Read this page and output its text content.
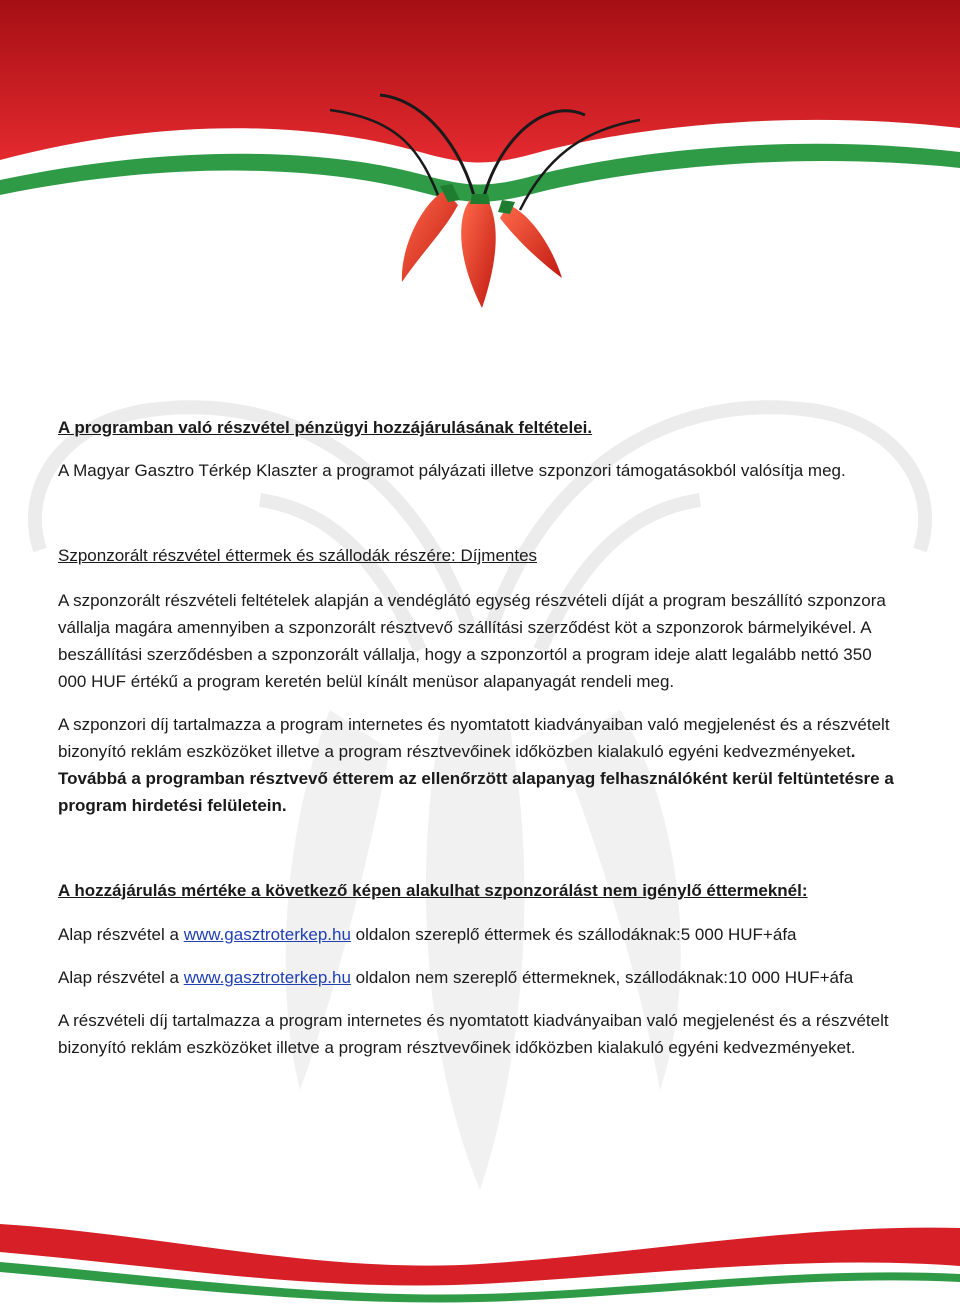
A programban való részvétel pénzügyi hozzájárulásának feltételei.

A Magyar Gasztro Térkép Klaszter a programot pályázati illetve szponzori támogatásokból valósítja meg.

Szponzorált részvétel éttermek és szállodák részére: Díjmentes

A szponzorált részvételi feltételek alapján a vendéglátó egység részvételi díját a program beszállító szponzora vállalja magára amennyiben a szponzorált résztvevő szállítási szerződést köt a szponzorok bármelyikével. A beszállítási szerződésben a szponzorált vállalja, hogy a szponzortól a program ideje alatt legalább nettó 350 000 HUF értékű a program keretén belül kínált menüsor alapanyagát rendeli meg.

A szponzori díj tartalmazza a program internetes és nyomtatott kiadványaiban való megjelenést és a részvételt bizonyító reklám eszközöket illetve a program résztvevőinek időközben kialakuló egyéni kedvezményeket. Továbbá a programban résztvevő étterem az ellenőrzött alapanyag felhasználóként kerül feltüntetésre a program hirdetési felületein.

A hozzájárulás mértéke a következő képen alakulhat szponzorálást nem igénylő éttermeknél:

Alap részvétel a www.gasztroterkep.hu oldalon szereplő éttermek és szállodáknak:5 000 HUF+áfa

Alap részvétel a www.gasztroterkep.hu oldalon nem szereplő éttermeknek, szállodáknak:10 000 HUF+áfa

A részvételi díj tartalmazza a program internetes és nyomtatott kiadványaiban való megjelenést és a részvételt bizonyító reklám eszközöket illetve a program résztvevőinek időközben kialakuló egyéni kedvezményeket.
